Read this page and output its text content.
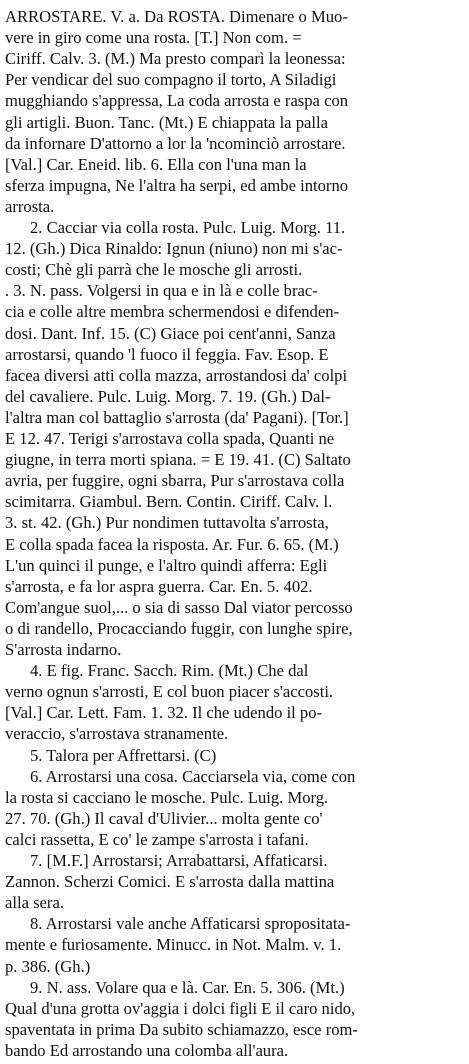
ARROSTARE. V. a. Da ROSTA. Dimenare o Muo-
vere in giro come una rosta. [T.] Non com. =
Ciriff. Calv. 3. (M.) Ma presto comparì la leonessa:
Per vendicar del suo compagno il torto, A Siladigi
mugghiando s'appressa, La coda arrosta e raspa con
gli artigli. Buon. Tanc. (Mt.) E chiappata la palla
da infornare D'attorno a lor la 'ncominciò arrostare.
[Val.] Car. Eneid. lib. 6. Ella con l'una man la
sferza impugna, Ne l'altra ha serpi, ed ambe intorno
arrosta.
2. Cacciar via colla rosta. Pulc. Luig. Morg. 11.
12. (Gh.) Dica Rinaldo: Ignun (niuno) non mi s'ac-
costi; Chè gli parrà che le mosche gli arrosti.
. 3. N. pass. Volgersi in qua e in là e colle brac-
cia e colle altre membra schermendosi e difenden-
dosi. Dant. Inf. 15. (C) Giace poi cent'anni, Sanza
arrostarsi, quando 'l fuoco il feggia. Fav. Esop. E
facea diversi atti colla mazza, arrostandosi da' colpi
del cavaliere. Pulc. Luig. Morg. 7. 19. (Gh.) Dal-
l'altra man col battaglio s'arrosta (da' Pagani). [Tor.]
E 12. 47. Terigi s'arrostava colla spada, Quanti ne
giugne, in terra morti spiana. = E 19. 41. (C) Saltato
avria, per fuggire, ogni sbarra, Pur s'arrostava colla
scimitarra. Giambul. Bern. Contin. Ciriff. Calv. l.
3. st. 42. (Gh.) Pur nondimen tuttavolta s'arrosta,
E colla spada facea la risposta. Ar. Fur. 6. 65. (M.)
L'un quinci il punge, e l'altro quindi afferra: Egli
s'arrosta, e fa lor aspra guerra. Car. En. 5. 402.
Com'angue suol,... o sia di sasso Dal viator percosso
o di randello, Procacciando fuggir, con lunghe spire,
S'arrosta indarno.
4. E fig. Franc. Sacch. Rim. (Mt.) Che dal
verno ognun s'arrosti, E col buon piacer s'accosti.
[Val.] Car. Lett. Fam. 1. 32. Il che udendo il po-
veraccio, s'arrostava stranamente.
5. Talora per Affrettarsi. (C)
6. Arrostarsi una cosa. Cacciarsela via, come con
la rosta si cacciano le mosche. Pulc. Luig. Morg.
27. 70. (Gh.) Il caval d'Ulivier... molta gente co'
calci rassetta, E co' le zampe s'arrosta i tafani.
7. [M.F.] Arrostarsi; Arrabattarsi, Affaticarsi.
Zannon. Scherzi Comici. E s'arrosta dalla mattina
alla sera.
8. Arrostarsi vale anche Affaticarsi spropositata-
mente e furiosamente. Minucc. in Not. Malm. v. 1.
p. 386. (Gh.)
9. N. ass. Volare qua e là. Car. En. 5. 306. (Mt.)
Qual d'una grotta ov'aggia i dolci figli E il caro nido,
spaventata in prima Da subito schiamazzo, esce rom-
bando Ed arrostando una colomba all'aura.
